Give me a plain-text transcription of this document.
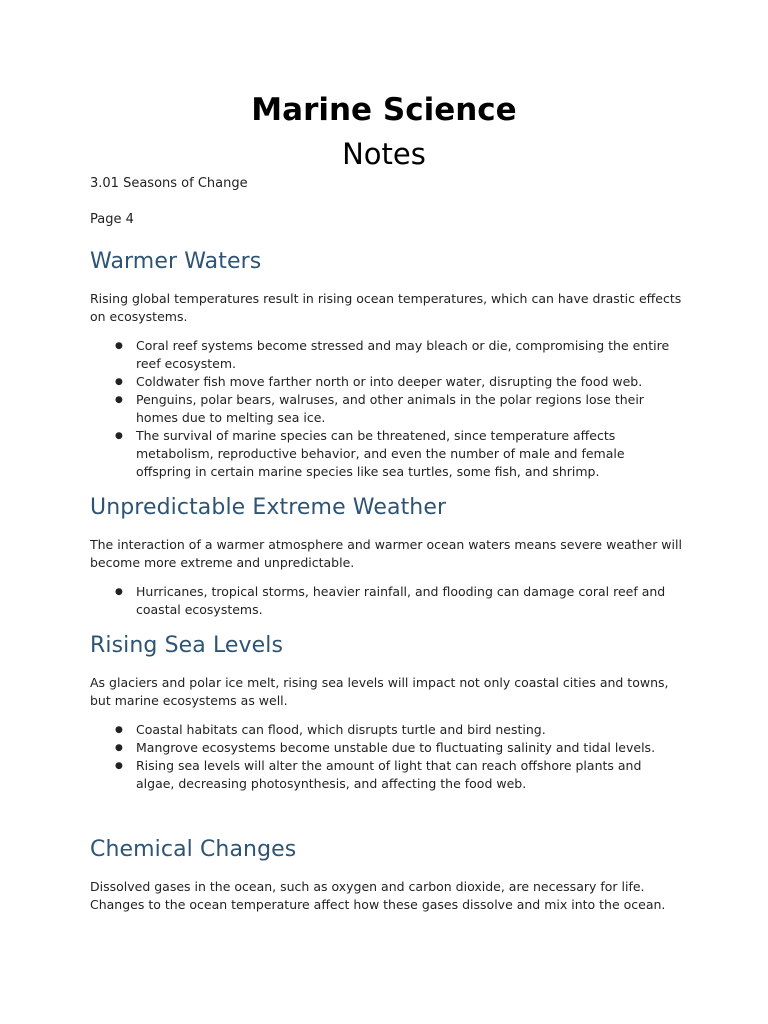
Marine Science
Notes

3.01 Seasons of Change

Page 4

Warmer Waters

Rising global temperatures result in rising ocean temperatures, which can have drastic effects on ecosystems.

● Coral reef systems become stressed and may bleach or die, compromising the entire reef ecosystem.
● Coldwater fish move farther north or into deeper water, disrupting the food web.
● Penguins, polar bears, walruses, and other animals in the polar regions lose their homes due to melting sea ice.
● The survival of marine species can be threatened, since temperature affects metabolism, reproductive behavior, and even the number of male and female offspring in certain marine species like sea turtles, some fish, and shrimp.
Unpredictable Extreme Weather

The interaction of a warmer atmosphere and warmer ocean waters means severe weather will become more extreme and unpredictable.

● Hurricanes, tropical storms, heavier rainfall, and flooding can damage coral reef and coastal ecosystems.
Rising Sea Levels

As glaciers and polar ice melt, rising sea levels will impact not only coastal cities and towns, but marine ecosystems as well.

● Coastal habitats can flood, which disrupts turtle and bird nesting.
● Mangrove ecosystems become unstable due to fluctuating salinity and tidal levels.
● Rising sea levels will alter the amount of light that can reach offshore plants and algae, decreasing photosynthesis, and affecting the food web.
Chemical Changes

Dissolved gases in the ocean, such as oxygen and carbon dioxide, are necessary for life. Changes to the ocean temperature affect how these gases dissolve and mix into the ocean.
